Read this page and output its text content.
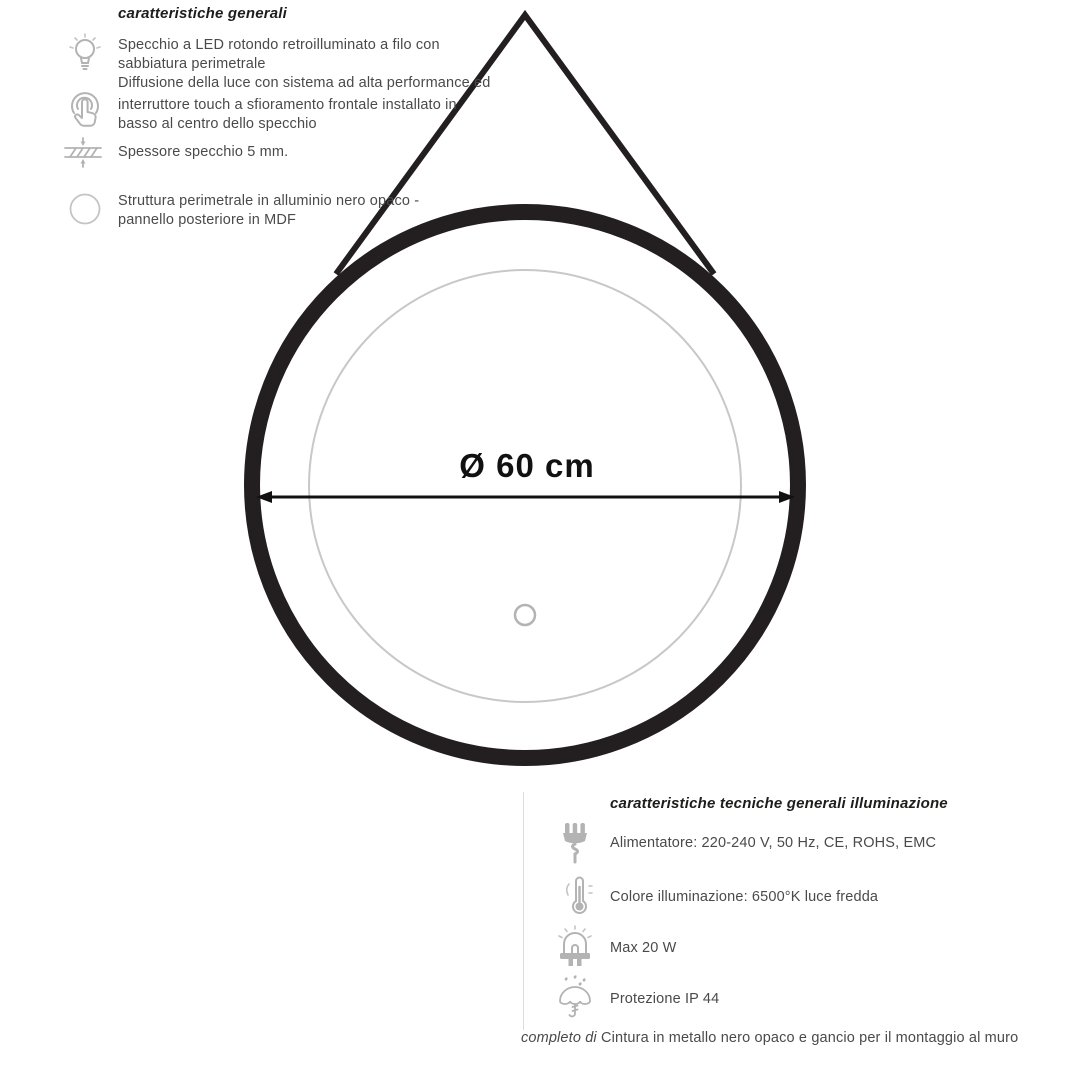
Ø 60 cm
caratteristiche generali
Specchio a LED rotondo retroilluminato a filo con sabbiatura perimetrale
Diffusione della luce con sistema ad alta performance ed
interruttore touch a sfioramento frontale installato in basso al centro dello specchio
Spessore specchio 5 mm.
Struttura perimetrale in alluminio nero opaco - pannello posteriore in MDF
caratteristiche tecniche generali illuminazione
Alimentatore: 220-240 V, 50 Hz, CE, ROHS, EMC
Colore illuminazione: 6500°K luce fredda
Max 20 W
Protezione IP 44
completo di Cintura in metallo nero opaco e gancio per il montaggio al muro
